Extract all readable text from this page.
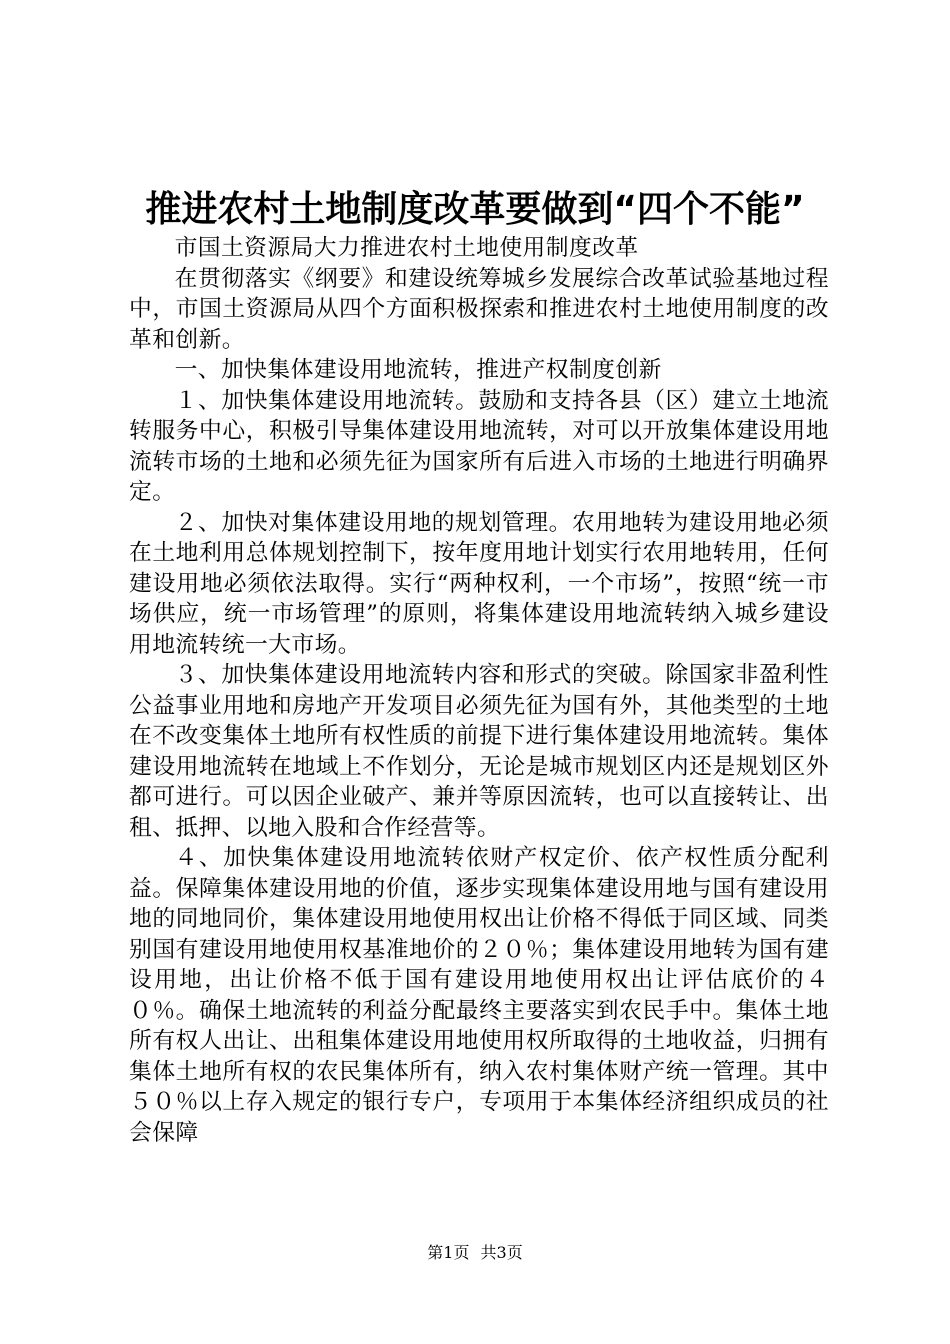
推进农村土地制度改革要做到“四个不能”

市国土资源局大力推进农村土地使用制度改革

在贯彻落实《纲要》和建设统筹城乡发展综合改革试验基地过程中，市国土资源局从四个方面积极探索和推进农村土地使用制度的改革和创新。

一、加快集体建设用地流转，推进产权制度创新

１、加快集体建设用地流转。鼓励和支持各县（区）建立土地流转服务中心，积极引导集体建设用地流转，对可以开放集体建设用地流转市场的土地和必须先征为国家所有后进入市场的土地进行明确界定。

２、加快对集体建设用地的规划管理。农用地转为建设用地必须在土地利用总体规划控制下，按年度用地计划实行农用地转用，任何建设用地必须依法取得。实行“两种权利，一个市场”，按照“统一市场供应，统一市场管理”的原则，将集体建设用地流转纳入城乡建设用地流转统一大市场。

３、加快集体建设用地流转内容和形式的突破。除国家非盈利性公益事业用地和房地产开发项目必须先征为国有外，其他类型的土地在不改变集体土地所有权性质的前提下进行集体建设用地流转。集体建设用地流转在地域上不作划分，无论是城市规划区内还是规划区外都可进行。可以因企业破产、兼并等原因流转，也可以直接转让、出租、抵押、以地入股和合作经营等。

４、加快集体建设用地流转依财产权定价、依产权性质分配利益。保障集体建设用地的价值，逐步实现集体建设用地与国有建设用地的同地同价，集体建设用地使用权出让价格不得低于同区域、同类别国有建设用地使用权基准地价的２０％；集体建设用地转为国有建设用地，出让价格不低于国有建设用地使用权出让评估底价的４０％。确保土地流转的利益分配最终主要落实到农民手中。集体土地所有权人出让、出租集体建设用地使用权所取得的土地收益，归拥有集体土地所有权的农民集体所有，纳入农村集体财产统一管理。其中５０％以上存入规定的银行专户，专项用于本集体经济组织成员的社会保障

第1页 共3页
